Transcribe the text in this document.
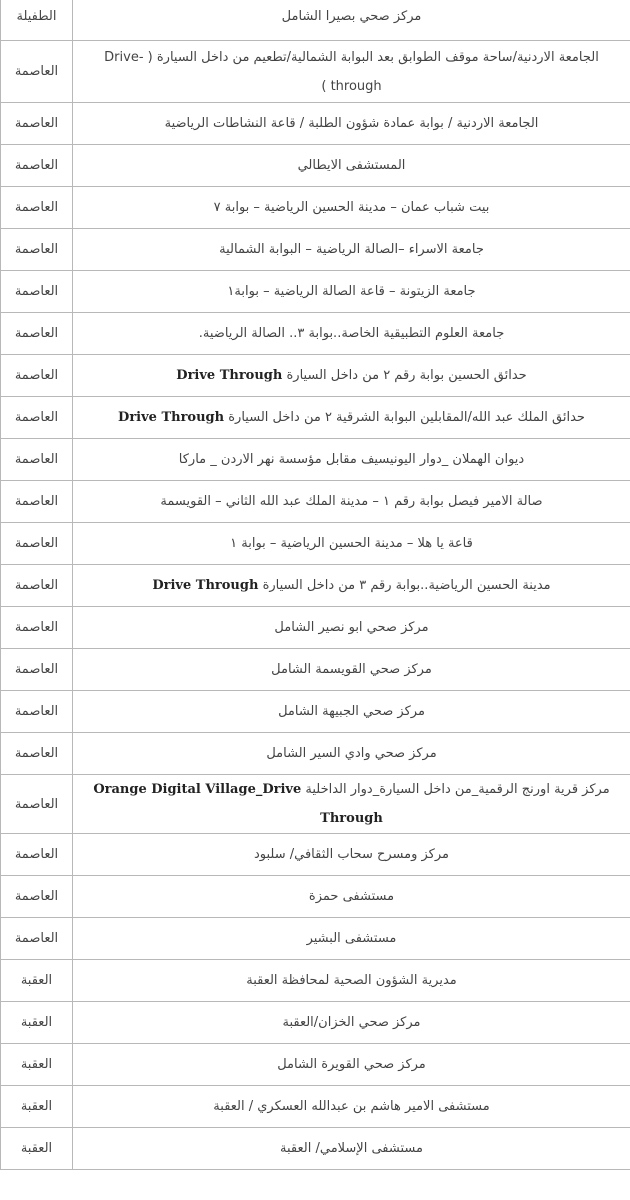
مركز صحي بصيرا الشامل	الطفيلة
الجامعة الاردنية/ساحة موقف الطوابق بعد البوابة الشمالية/تطعيم من داخل السيارة ( Drive-through )	العاصمة
الجامعة الاردنية / بوابة عمادة شؤون الطلبة / قاعة النشاطات الرياضية	العاصمة
المستشفى الايطالي	العاصمة
بيت شباب عمان – مدينة الحسين الرياضية – بوابة ٧	العاصمة
جامعة الاسراء –الصالة الرياضية – البوابة الشمالية	العاصمة
جامعة الزيتونة – قاعة الصالة الرياضية – بوابة١	العاصمة
جامعة العلوم التطبيقية الخاصة..بوابة ٣.. الصالة الرياضية.	العاصمة
حدائق الحسين بوابة رقم ٢ من داخل السيارة Drive Through	العاصمة
حدائق الملك عبد الله/المقابلين البوابة الشرقية ٢ من داخل السيارة Drive Through	العاصمة
ديوان الهملان _دوار اليونيسيف مقابل مؤسسة نهر الاردن _ ماركا	العاصمة
صالة الامير فيصل بوابة رقم ١ – مدينة الملك عبد الله الثاني – القويسمة	العاصمة
قاعة يا هلا – مدينة الحسين الرياضية – بوابة ١	العاصمة
مدينة الحسين الرياضية..بوابة رقم ٣ من داخل السيارة Drive Through	العاصمة
مركز صحي ابو نصير الشامل	العاصمة
مركز صحي القويسمة الشامل	العاصمة
مركز صحي الجبيهة الشامل	العاصمة
مركز صحي وادي السير الشامل	العاصمة
مركز قرية اورنج الرقمية_من داخل السيارة_دوار الداخلية Orange Digital Village_Drive Through	العاصمة
مركز ومسرح سحاب الثقافي/ سلبود	العاصمة
مستشفى حمزة	العاصمة
مستشفى البشير	العاصمة
مديرية الشؤون الصحية لمحافظة العقبة	العقبة
مركز صحي الخزان/العقبة	العقبة
مركز صحي القويرة الشامل	العقبة
مستشفى الامير هاشم بن عبدالله العسكري / العقبة	العقبة
مستشفى الإسلامي/ العقبة	العقبة
